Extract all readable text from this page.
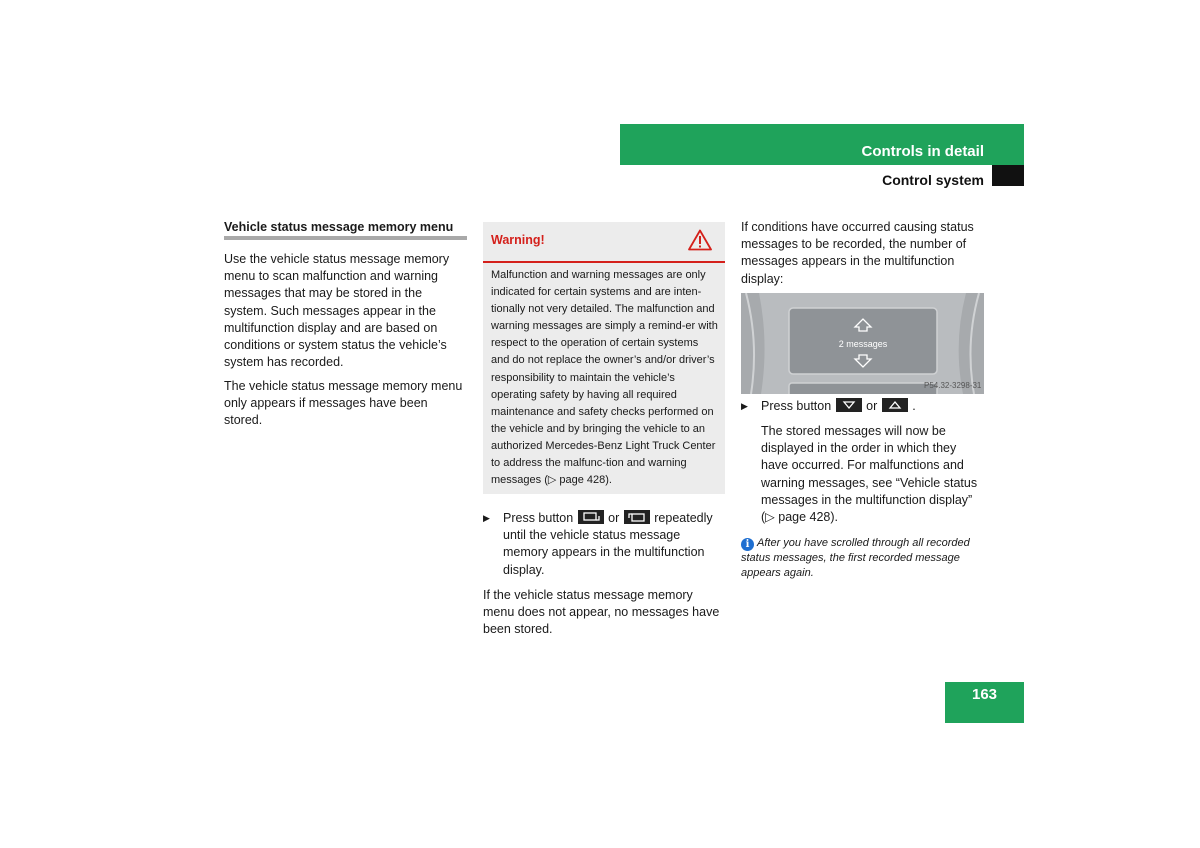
Controls in detail
Control system
Vehicle status message memory menu
Use the vehicle status message memory menu to scan malfunction and warning messages that may be stored in the system. Such messages appear in the multifunction display and are based on conditions or system status the vehicle’s system has recorded.
The vehicle status message memory menu only appears if messages have been stored.
Warning!
Malfunction and warning messages are only indicated for certain systems and are inten-tionally not very detailed. The malfunction and warning messages are simply a remind-er with respect to the operation of certain systems and do not replace the owner’s and/or driver’s responsibility to maintain the vehicle’s operating safety by having all required maintenance and safety checks performed on the vehicle and by bringing the vehicle to an authorized Mercedes-Benz Light Truck Center to address the malfunc-tion and warning messages (▷ page 428).
▶ Press button	or	repeatedly until the vehicle status message memory appears in the multifunction display.
If the vehicle status message memory menu does not appear, no messages have been stored.
If conditions have occurred causing status messages to be recorded, the number of messages appears in the multifunction display:
2 messages
P54.32-3298-31
▶ Press button	or	.
The stored messages will now be displayed in the order in which they have occurred. For malfunctions and warning messages, see “Vehicle status messages in the multifunction display” (▷ page 428).
i After you have scrolled through all recorded status messages, the first recorded message appears again.
163
